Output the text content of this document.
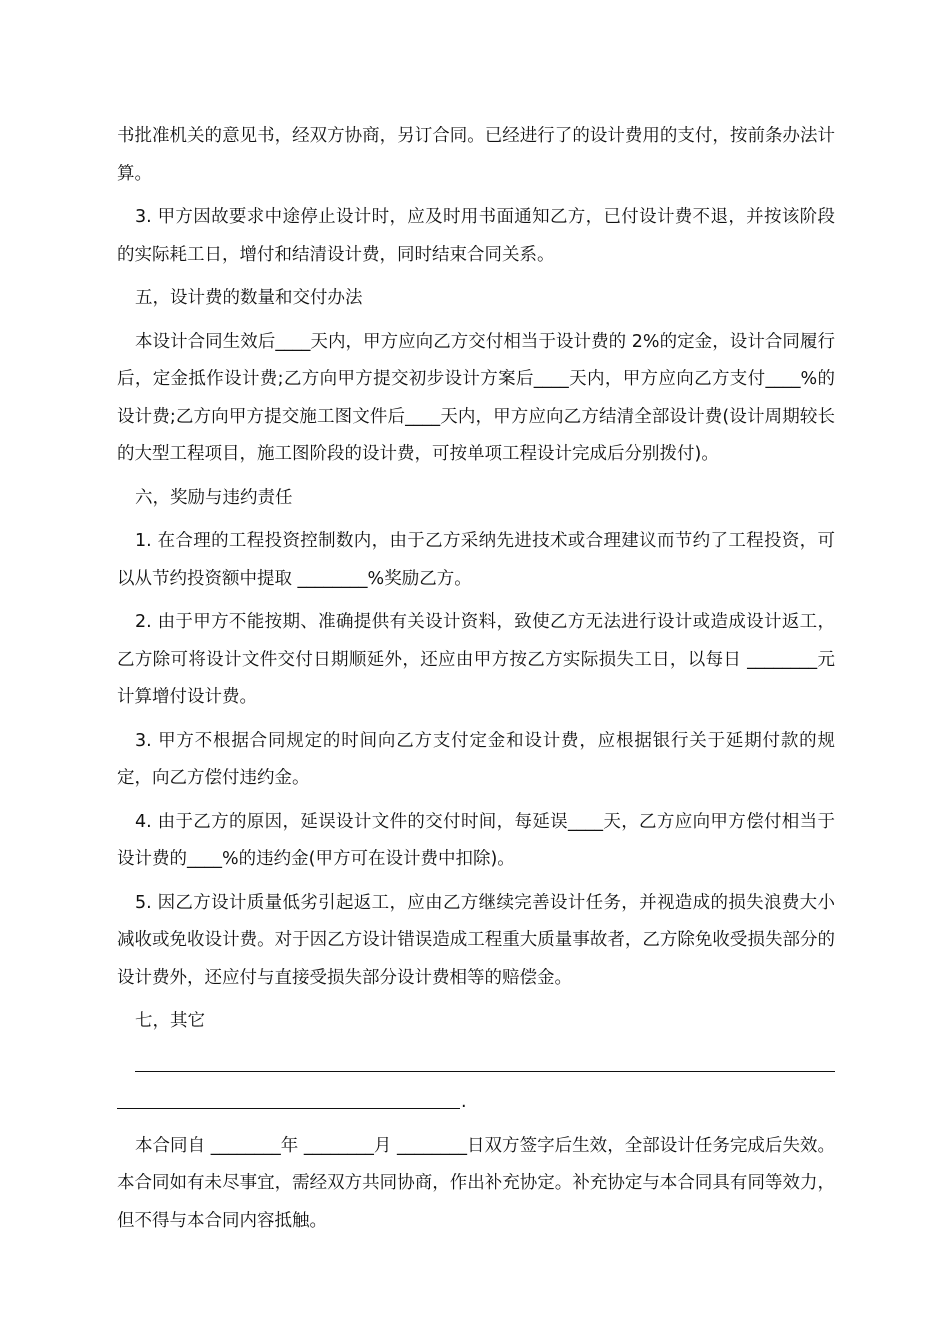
书批准机关的意见书，经双方协商，另订合同。已经进行了的设计费用的支付，按前条办法计算。

3. 甲方因故要求中途停止设计时，应及时用书面通知乙方，已付设计费不退，并按该阶段的实际耗工日，增付和结清设计费，同时结束合同关系。

五，设计费的数量和交付办法

本设计合同生效后____天内，甲方应向乙方交付相当于设计费的 2%的定金，设计合同履行后，定金抵作设计费;乙方向甲方提交初步设计方案后____天内，甲方应向乙方支付____%的设计费;乙方向甲方提交施工图文件后____天内，甲方应向乙方结清全部设计费(设计周期较长的大型工程项目，施工图阶段的设计费，可按单项工程设计完成后分别拨付)。

六，奖励与违约责任

1. 在合理的工程投资控制数内，由于乙方采纳先进技术或合理建议而节约了工程投资，可以从节约投资额中提取 ________%奖励乙方。

2. 由于甲方不能按期、准确提供有关设计资料，致使乙方无法进行设计或造成设计返工，乙方除可将设计文件交付日期顺延外，还应由甲方按乙方实际损失工日，以每日 ________元计算增付设计费。

3. 甲方不根据合同规定的时间向乙方支付定金和设计费，应根据银行关于延期付款的规定，向乙方偿付违约金。

4. 由于乙方的原因，延误设计文件的交付时间，每延误____天，乙方应向甲方偿付相当于设计费的____%的违约金(甲方可在设计费中扣除)。

5. 因乙方设计质量低劣引起返工，应由乙方继续完善设计任务，并视造成的损失浪费大小减收或免收设计费。对于因乙方设计错误造成工程重大质量事故者，乙方除免收受损失部分的设计费外，还应付与直接受损失部分设计费相等的赔偿金。

七，其它

.

本合同自 ________年 ________月 ________日双方签字后生效，全部设计任务完成后失效。本合同如有未尽事宜，需经双方共同协商，作出补充协定。补充协定与本合同具有同等效力，但不得与本合同内容抵触。
